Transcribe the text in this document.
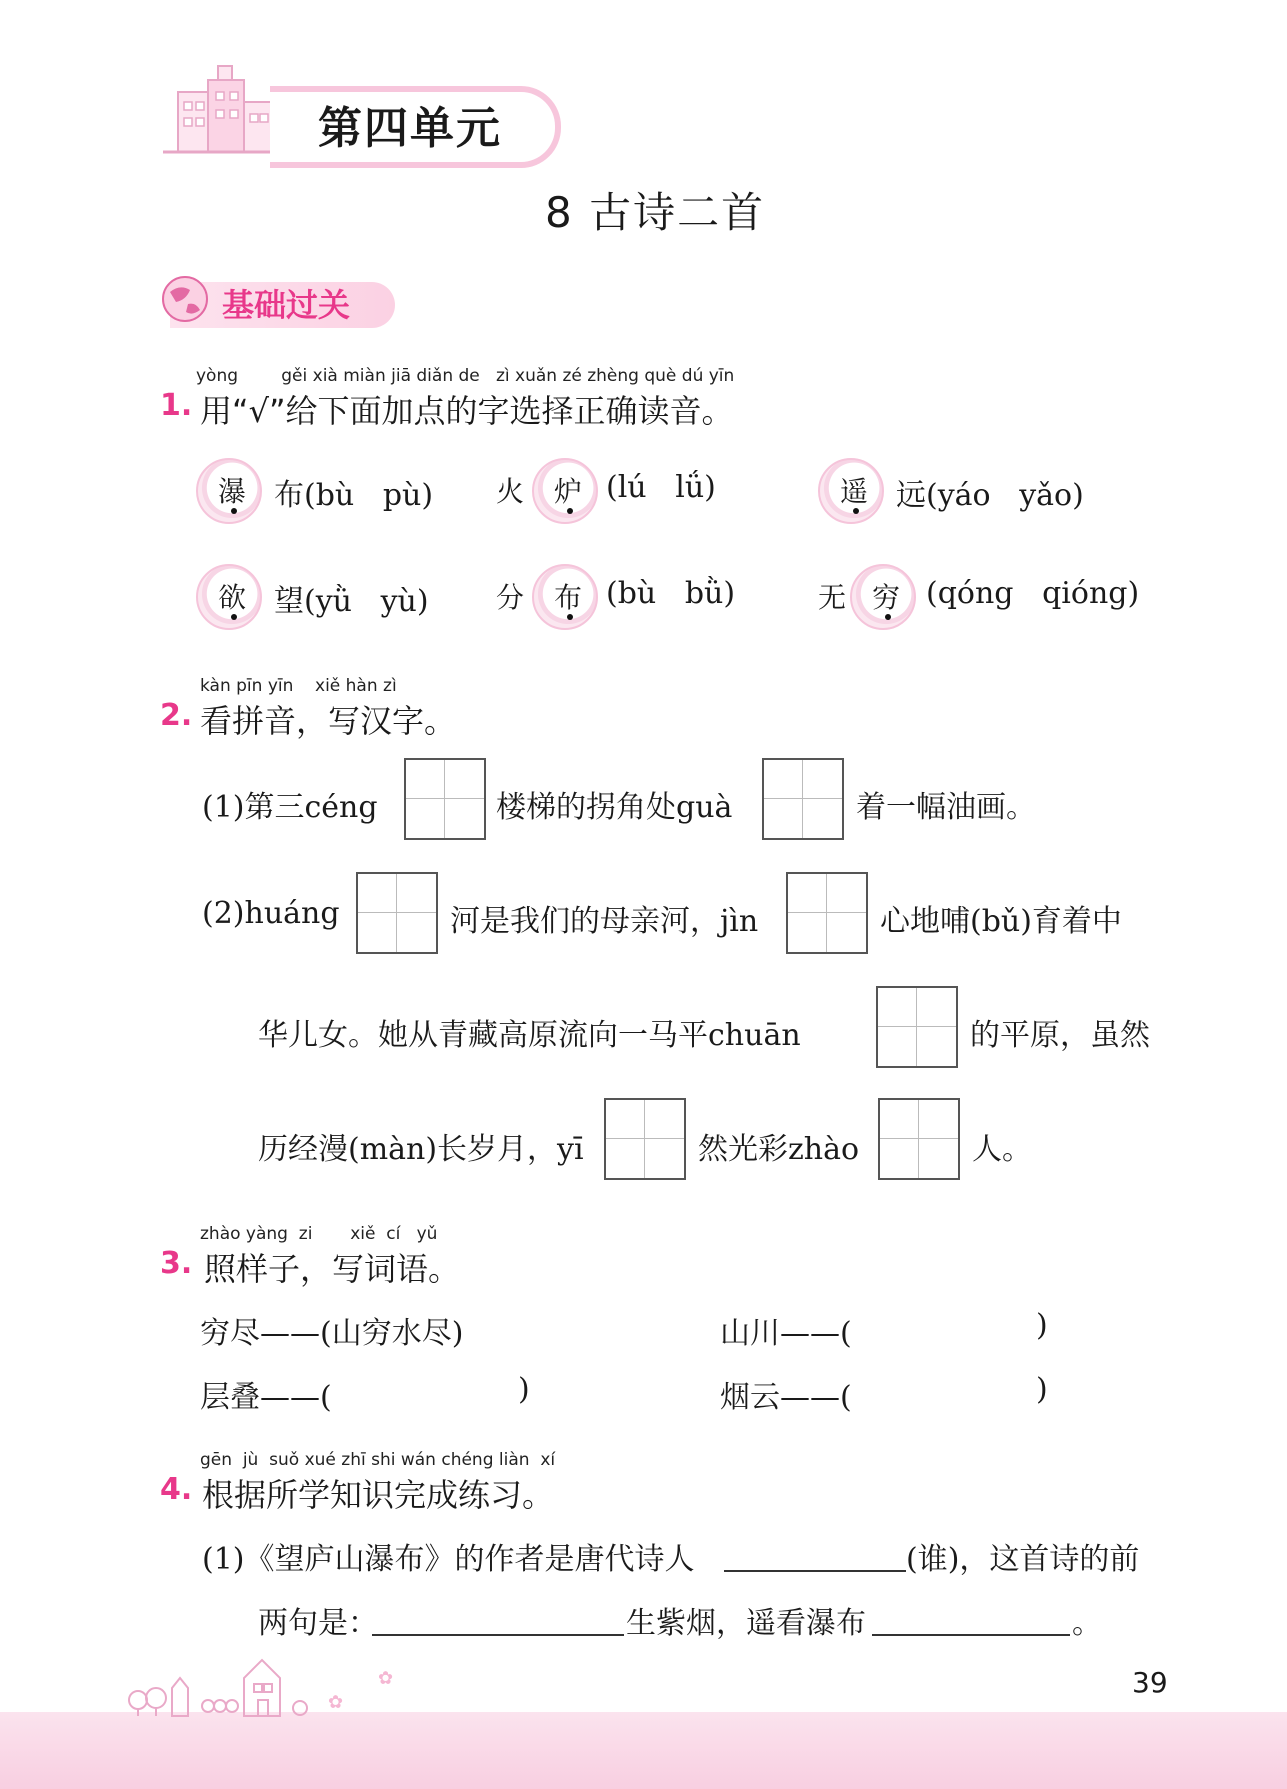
第四单元
8 古诗二首
基础过关
yòng        gěi xià miàn jiā diǎn de   zì xuǎn zé zhèng què dú yīn
1. 用“√”给下面加点的字选择正确读音。
瀑 布(bù   pù) 火 炉 (lú   lǘ)	遥 远(yáo   yǎo)
欲 望(yǜ   yù) 分 布 (bù   bǜ)	无 穷 (qóng   qióng)
kàn pīn yīn    xiě hàn zì
2. 看拼音，写汉字。
(1)第三céng	楼梯的拐角处guà	着一幅油画。
(2)huáng	河是我们的母亲河，jìn	心地哺(bǔ)育着中
华儿女。她从青藏高原流向一马平chuān	的平原，虽然
历经漫(màn)长岁月，yī	然光彩zhào	人。
zhào yàng  zi       xiě  cí   yǔ
3. 照样子，写词语。
穷尽——(山穷水尽)	山川——(	)
层叠——(	)	烟云——(	)
gēn  jù  suǒ xué zhī shi wán chéng liàn  xí
4. 根据所学知识完成练习。
(1)《望庐山瀑布》的作者是唐代诗人	(谁)，这首诗的前
两句是：	生紫烟，遥看瀑布	。
✿
✿
39
